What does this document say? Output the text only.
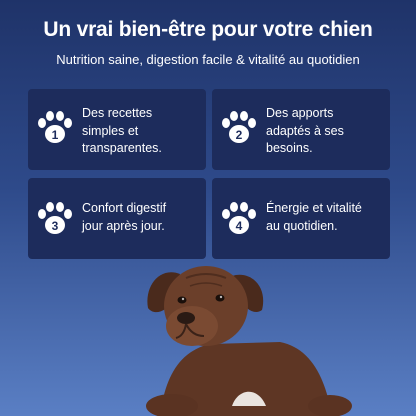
Un vrai bien-être pour votre chien
Nutrition saine, digestion facile & vitalité au quotidien
1
Des recettes
simples et
transparentes.
2
Des apports
adaptés à ses
besoins.
3
Confort digestif
jour après jour.	4
Énergie et vitalité
au quotidien.
